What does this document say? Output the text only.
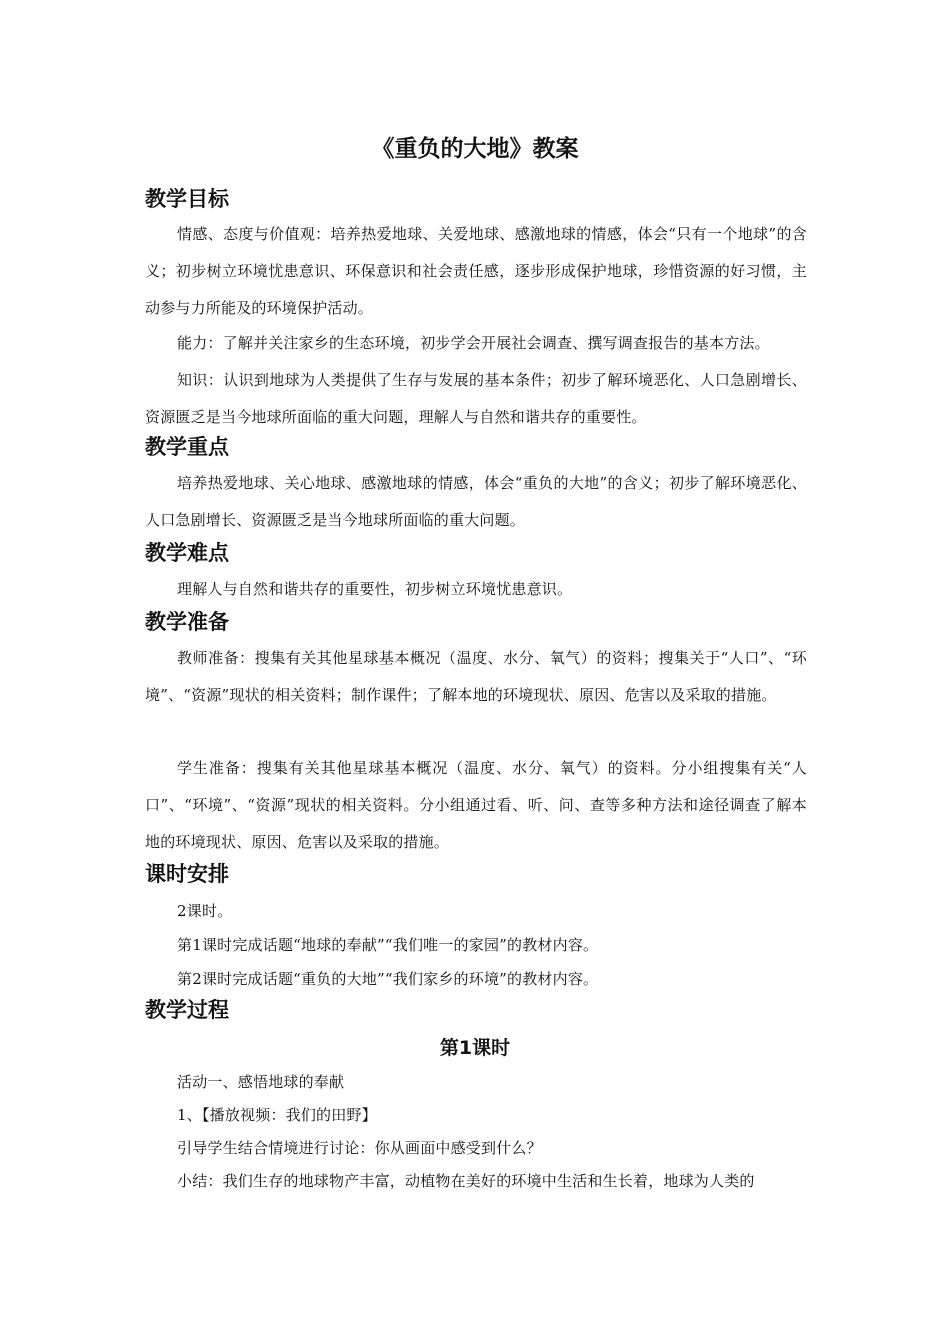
《重负的大地》教案
教学目标

情感、态度与价值观：培养热爱地球、关爱地球、感激地球的情感，体会“只有一个地球”的含义；初步树立环境忧患意识、环保意识和社会责任感，逐步形成保护地球，珍惜资源的好习惯，主动参与力所能及的环境保护活动。

能力：了解并关注家乡的生态环境，初步学会开展社会调查、撰写调查报告的基本方法。

知识：认识到地球为人类提供了生存与发展的基本条件；初步了解环境恶化、人口急剧增长、资源匮乏是当今地球所面临的重大问题，理解人与自然和谐共存的重要性。

教学重点

培养热爱地球、关心地球、感激地球的情感，体会“重负的大地”的含义；初步了解环境恶化、人口急剧增长、资源匮乏是当今地球所面临的重大问题。

教学难点

理解人与自然和谐共存的重要性，初步树立环境忧患意识。

教学准备

教师准备：搜集有关其他星球基本概况（温度、水分、氧气）的资料；搜集关于“人口”、“环境”、“资源”现状的相关资料；制作课件；了解本地的环境现状、原因、危害以及采取的措施。

学生准备：搜集有关其他星球基本概况（温度、水分、氧气）的资料。分小组搜集有关“人口”、“环境”、“资源”现状的相关资料。分小组通过看、听、问、查等多种方法和途径调查了解本地的环境现状、原因、危害以及采取的措施。

课时安排

2课时。

第1课时完成话题“地球的奉献”“我们唯一的家园”的教材内容。

第2课时完成话题“重负的大地”“我们家乡的环境”的教材内容。

教学过程
第1课时

活动一、感悟地球的奉献

1、【播放视频：我们的田野】

引导学生结合情境进行讨论：你从画面中感受到什么？

小结：我们生存的地球物产丰富，动植物在美好的环境中生活和生长着，地球为人类的
